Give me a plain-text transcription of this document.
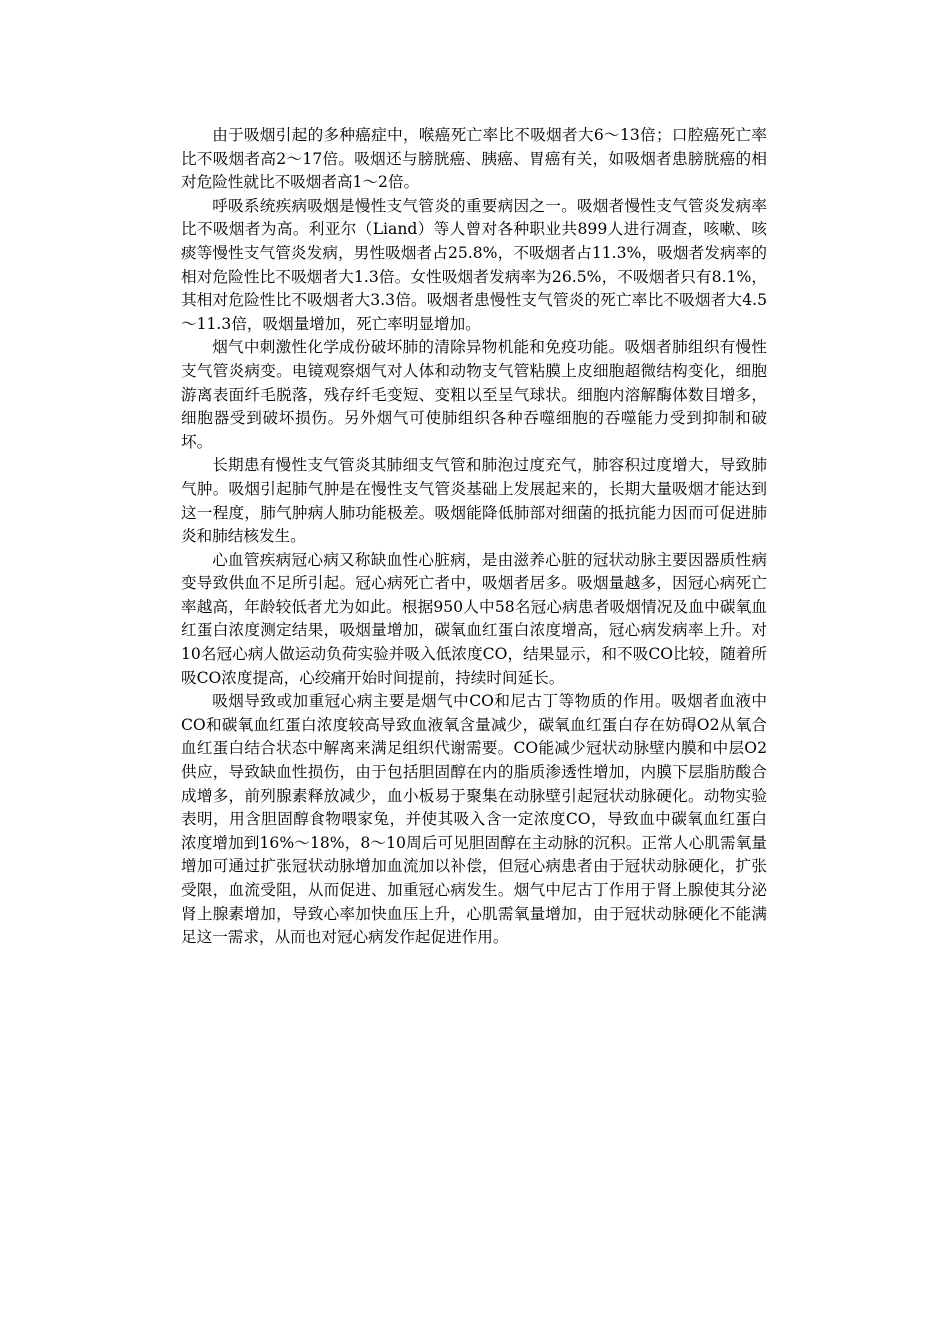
由于吸烟引起的多种癌症中，喉癌死亡率比不吸烟者大6～13倍；口腔癌死亡率比不吸烟者高2～17倍。吸烟还与膀胱癌、胰癌、胃癌有关，如吸烟者患膀胱癌的相对危险性就比不吸烟者高1～2倍。

呼吸系统疾病吸烟是慢性支气管炎的重要病因之一。吸烟者慢性支气管炎发病率比不吸烟者为高。利亚尔（Liand）等人曾对各种职业共899人进行凋查，咳嗽、咳痰等慢性支气管炎发病，男性吸烟者占25.8%，不吸烟者占11.3%，吸烟者发病率的相对危险性比不吸烟者大1.3倍。女性吸烟者发病率为26.5%，不吸烟者只有8.1%，其相对危险性比不吸烟者大3.3倍。吸烟者患慢性支气管炎的死亡率比不吸烟者大4.5～11.3倍，吸烟量增加，死亡率明显增加。

烟气中刺激性化学成份破坏肺的清除异物机能和免疫功能。吸烟者肺组织有慢性支气管炎病变。电镜观察烟气对人体和动物支气管粘膜上皮细胞超微结构变化，细胞游离表面纤毛脱落，残存纤毛变短、变粗以至呈气球状。细胞内溶解酶体数目增多，细胞器受到破坏损伤。另外烟气可使肺组织各种吞噬细胞的吞噬能力受到抑制和破坏。

长期患有慢性支气管炎其肺细支气管和肺泡过度充气，肺容积过度增大，导致肺气肿。吸烟引起肺气肿是在慢性支气管炎基础上发展起来的，长期大量吸烟才能达到这一程度，肺气肿病人肺功能极差。吸烟能降低肺部对细菌的抵抗能力因而可促进肺炎和肺结核发生。

心血管疾病冠心病又称缺血性心脏病，是由滋养心脏的冠状动脉主要因器质性病变导致供血不足所引起。冠心病死亡者中，吸烟者居多。吸烟量越多，因冠心病死亡率越高，年龄较低者尤为如此。根据950人中58名冠心病患者吸烟情况及血中碳氧血红蛋白浓度测定结果，吸烟量增加，碳氧血红蛋白浓度增高，冠心病发病率上升。对10名冠心病人做运动负荷实验并吸入低浓度CO，结果显示，和不吸CO比较，随着所吸CO浓度提高，心绞痛开始时间提前，持续时间延长。

吸烟导致或加重冠心病主要是烟气中CO和尼古丁等物质的作用。吸烟者血液中CO和碳氧血红蛋白浓度较高导致血液氧含量减少，碳氧血红蛋白存在妨碍O2从氧合血红蛋白结合状态中解离来满足组织代谢需要。CO能减少冠状动脉壁内膜和中层O2供应，导致缺血性损伤，由于包括胆固醇在内的脂质渗透性增加，内膜下层脂肪酸合成增多，前列腺素释放减少，血小板易于聚集在动脉壁引起冠状动脉硬化。动物实验表明，用含胆固醇食物喂家兔，并使其吸入含一定浓度CO，导致血中碳氧血红蛋白浓度增加到16%～18%，8～10周后可见胆固醇在主动脉的沉积。正常人心肌需氧量增加可通过扩张冠状动脉增加血流加以补偿，但冠心病患者由于冠状动脉硬化，扩张受限，血流受阻，从而促进、加重冠心病发生。烟气中尼古丁作用于肾上腺使其分泌肾上腺素增加，导致心率加快血压上升，心肌需氧量增加，由于冠状动脉硬化不能满足这一需求，从而也对冠心病发作起促进作用。
